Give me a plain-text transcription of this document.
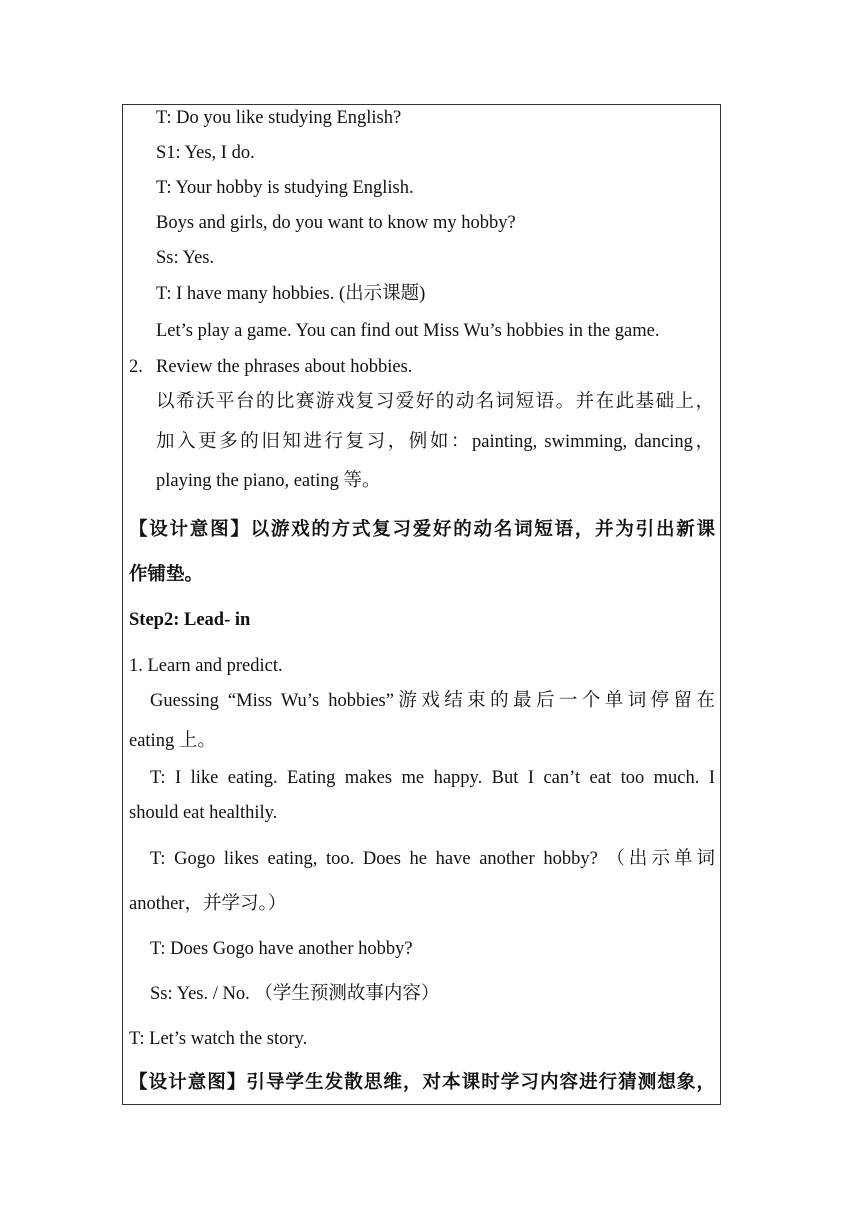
T: Do you like studying English?
S1: Yes, I do.
T: Your hobby is studying English.
Boys and girls, do you want to know my hobby?
Ss: Yes.
T: I have many hobbies. (出示课题)
Let’s play a game. You can find out Miss Wu’s hobbies in the game.
2. Review the phrases about hobbies.
以希沃平台的比赛游戏复习爱好的动名词短语。并在此基础上，
加入更多的旧知进行复习，例如：painting, swimming, dancing，
playing the piano, eating 等。
【设计意图】以游戏的方式复习爱好的动名词短语，并为引出新课
作铺垫。
Step2: Lead- in
1. Learn and predict.
Guessing “Miss Wu’s hobbies”游戏结束的最后一个单词停留在
eating 上。
T: I like eating. Eating makes me happy. But I can’t eat too much. I
should eat healthily.
T: Gogo likes eating, too. Does he have another hobby? （出示单词
another，并学习。）
T: Does Gogo have another hobby?
Ss: Yes. / No. （学生预测故事内容）
T: Let’s watch the story.
【设计意图】引导学生发散思维，对本课时学习内容进行猜测想象，
